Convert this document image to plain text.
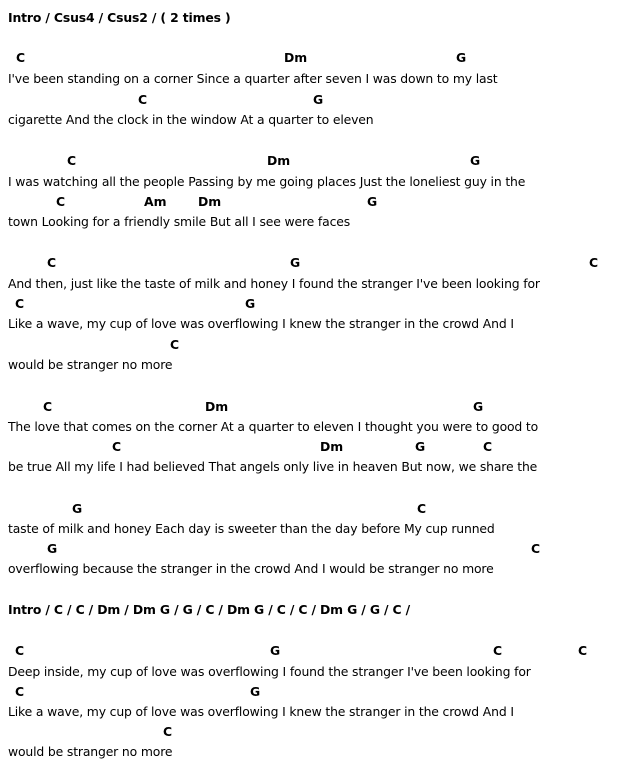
Intro / Csus4 / Csus2 / ( 2 times )
Intro / C / C / Dm / Dm G / G / C / Dm G / C / C / Dm G / G / C /
C	Dm	G
I've been standing on a corner Since a quarter after seven I was down to my last
C	G
cigarette And the clock in the window At a quarter to eleven
C	Dm	G
I was watching all the people Passing by me going places Just the loneliest guy in the
C	Am	Dm	G
town Looking for a friendly smile But all I see were faces
C	G	C
And then, just like the taste of milk and honey I found the stranger I've been looking for
C	G
Like a wave, my cup of love was overflowing I knew the stranger in the crowd And I
C
would be stranger no more
C	Dm	G
The love that comes on the corner At a quarter to eleven I thought you were to good to
C	Dm	G	C
be true All my life I had believed That angels only live in heaven But now, we share the
G	C
taste of milk and honey Each day is sweeter than the day before My cup runned
G	C
overflowing because the stranger in the crowd And I would be stranger no more
C	G	C	C
Deep inside, my cup of love was overflowing I found the stranger I've been looking for
C	G
Like a wave, my cup of love was overflowing I knew the stranger in the crowd And I
C
would be stranger no more
